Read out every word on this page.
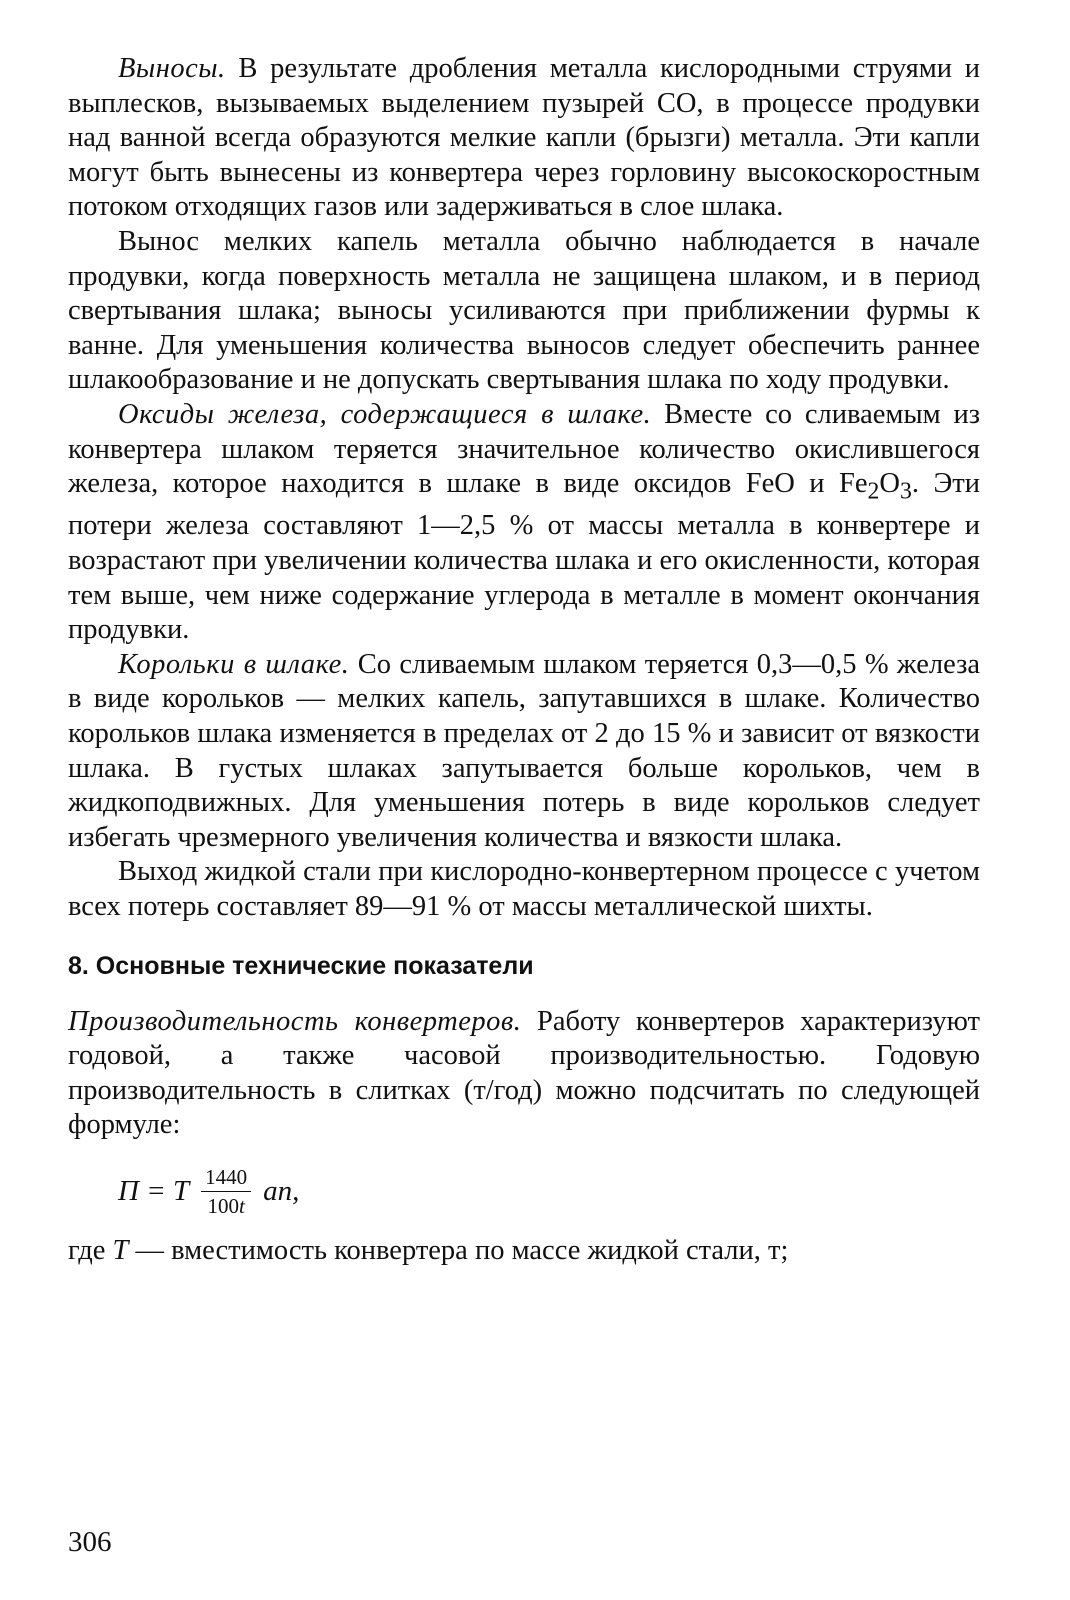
Выносы. В результате дробления металла кислородными струями и выплесков, вызываемых выделением пузырей CO, в процессе продувки над ванной всегда образуются мелкие капли (брызги) металла. Эти капли могут быть вынесены из конвертера через горловину высокоскоростным потоком отходящих газов или задерживаться в слое шлака.

Вынос мелких капель металла обычно наблюдается в начале продувки, когда поверхность металла не защищена шлаком, и в период свертывания шлака; выносы усиливаются при приближении фурмы к ванне. Для уменьшения количества выносов следует обеспечить раннее шлакообразование и не допускать свертывания шлака по ходу продувки.

Оксиды железа, содержащиеся в шлаке. Вместе со сливаемым из конвертера шлаком теряется значительное количество окислившегося железа, которое находится в шлаке в виде оксидов FeO и $Fe_2O_3$. Эти потери железа составляют 1—2,5 % от массы металла в конвертере и возрастают при увеличении количества шлака и его окисленности, которая тем выше, чем ниже содержание углерода в металле в момент окончания продувки.

Корольки в шлаке. Со сливаемым шлаком теряется 0,3—0,5 % железа в виде корольков — мелких капель, запутавшихся в шлаке. Количество корольков шлака изменяется в пределах от 2 до 15 % и зависит от вязкости шлака. В густых шлаках запутывается больше корольков, чем в жидкоподвижных. Для уменьшения потерь в виде корольков следует избегать чрезмерного увеличения количества и вязкости шлака.

Выход жидкой стали при кислородно-конвертерном процессе с учетом всех потерь составляет 89—91 % от массы металлической шихты.

8. Основные технические показатели

Производительность конвертеров. Работу конвертеров характеризуют годовой, а также часовой производительностью. Годовую производительность в слитках (т/год) можно подсчитать по следующей формуле:

П = Т $\frac{1440}{100t}$ an,

где Т — вместимость конвертера по массе жидкой стали, т;

306
